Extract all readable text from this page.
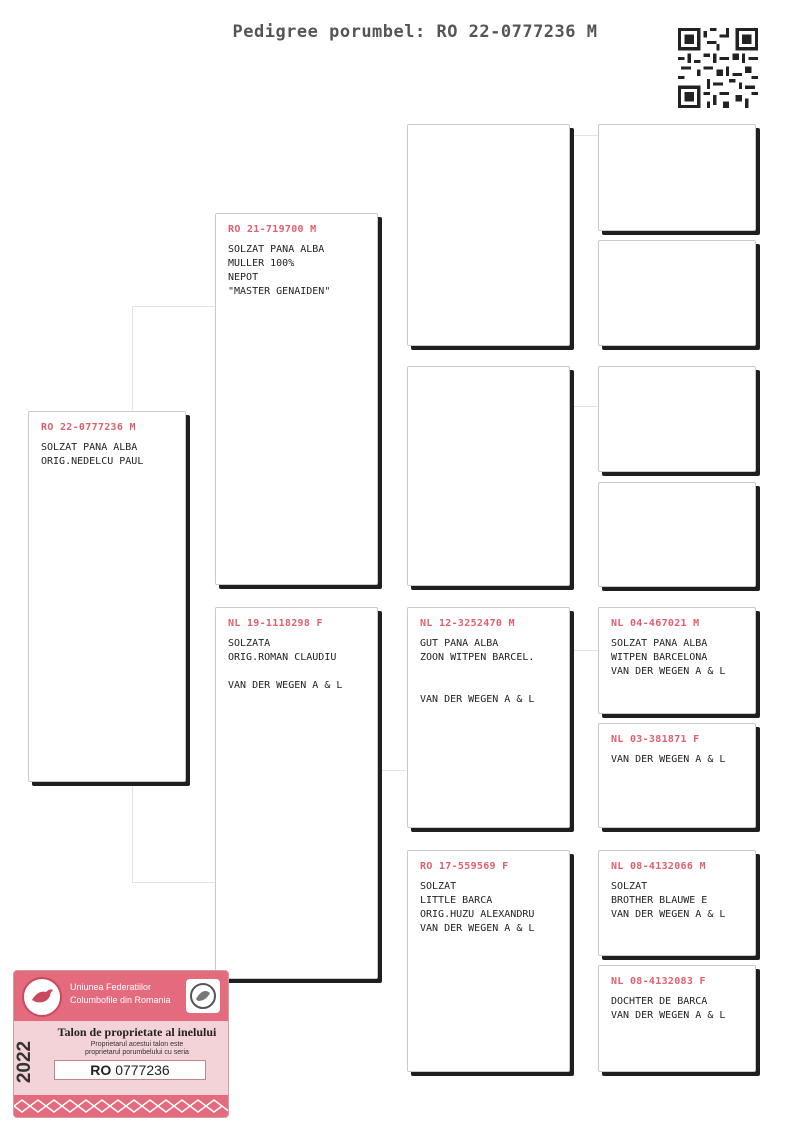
Pedigree porumbel: RO 22-0777236 M
RO 22-0777236 M
SOLZAT PANA ALBA
ORIG.NEDELCU PAUL
RO 21-719700 M
SOLZAT PANA ALBA
MULLER 100%
NEPOT
"MASTER GENAIDEN"
NL 19-1118298 F
SOLZATA
ORIG.ROMAN CLAUDIU
VAN DER WEGEN A & L
NL 12-3252470 M
GUT PANA ALBA
ZOON WITPEN BARCEL.
VAN DER WEGEN A & L
RO 17-559569 F
SOLZAT
LITTLE BARCA
ORIG.HUZU ALEXANDRU
VAN DER WEGEN A & L
NL 04-467021 M
SOLZAT PANA ALBA
WITPEN BARCELONA
VAN DER WEGEN A & L
NL 03-381871 F
VAN DER WEGEN A & L
NL 08-4132066 M
SOLZAT
BROTHER BLAUWE E
VAN DER WEGEN A & L
NL 08-4132083 F
DOCHTER DE BARCA
VAN DER WEGEN A & L
Uniunea Federatiilor
Columbofile din Romania
2022
Talon de proprietate al inelului
Proprietarul acestui talon este
proprietarul porumbelului cu seria
RO 0777236
